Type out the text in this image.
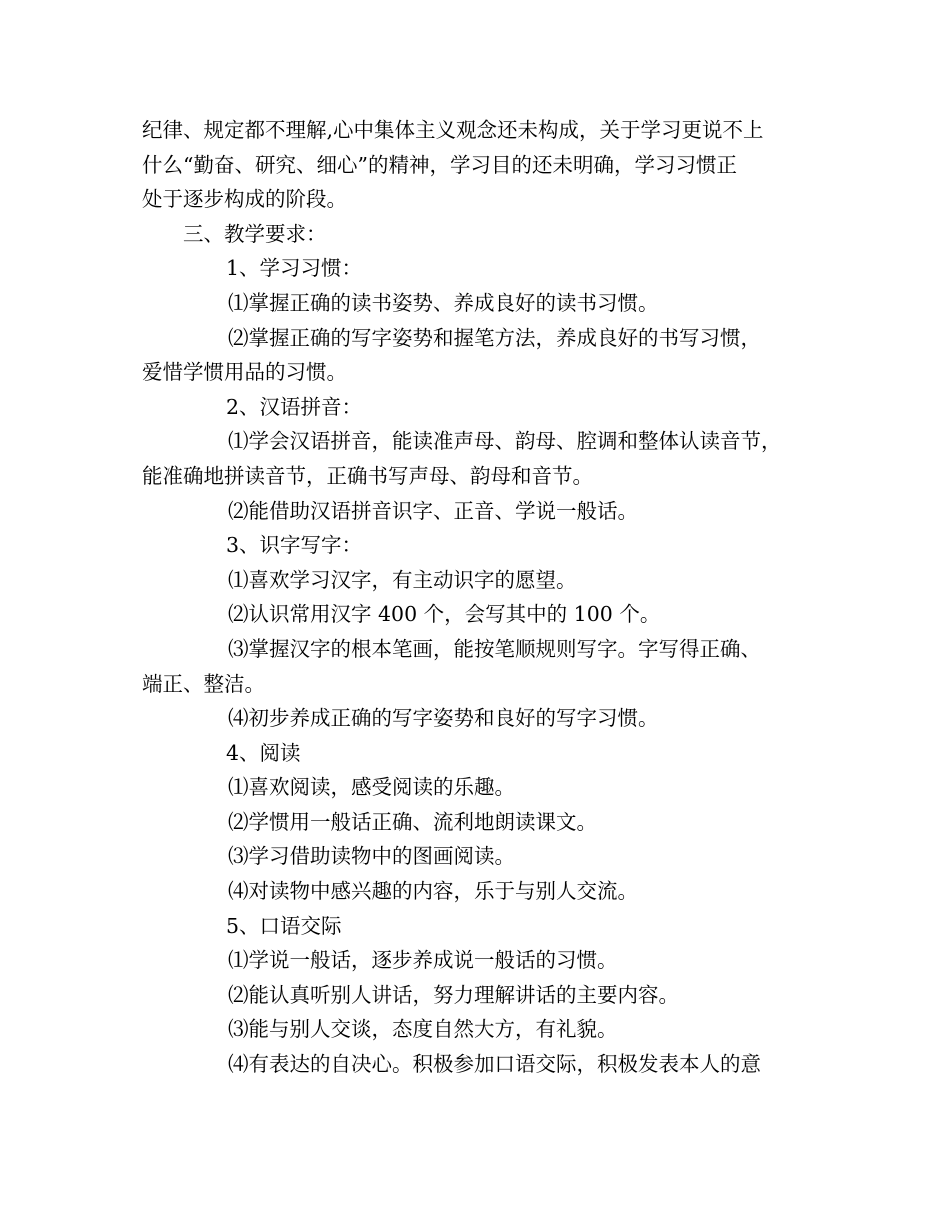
纪律、规定都不理解,心中集体主义观念还未构成，关于学习更说不上
什么“勤奋、研究、细心”的精神，学习目的还未明确，学习习惯正
处于逐步构成的阶段。
三、教学要求：
1、学习习惯：
⑴掌握正确的读书姿势、养成良好的读书习惯。
⑵掌握正确的写字姿势和握笔方法，养成良好的书写习惯，
爱惜学惯用品的习惯。
2、汉语拼音：
⑴学会汉语拼音，能读准声母、韵母、腔调和整体认读音节，
能准确地拼读音节，正确书写声母、韵母和音节。
⑵能借助汉语拼音识字、正音、学说一般话。
3、识字写字：
⑴喜欢学习汉字，有主动识字的愿望。
⑵认识常用汉字 400 个，会写其中的 100 个。
⑶掌握汉字的根本笔画，能按笔顺规则写字。字写得正确、
端正、整洁。
⑷初步养成正确的写字姿势和良好的写字习惯。
4、阅读
⑴喜欢阅读，感受阅读的乐趣。
⑵学惯用一般话正确、流利地朗读课文。
⑶学习借助读物中的图画阅读。
⑷对读物中感兴趣的内容，乐于与别人交流。
5、口语交际
⑴学说一般话，逐步养成说一般话的习惯。
⑵能认真听别人讲话，努力理解讲话的主要内容。
⑶能与别人交谈，态度自然大方，有礼貌。
⑷有表达的自决心。积极参加口语交际，积极发表本人的意
